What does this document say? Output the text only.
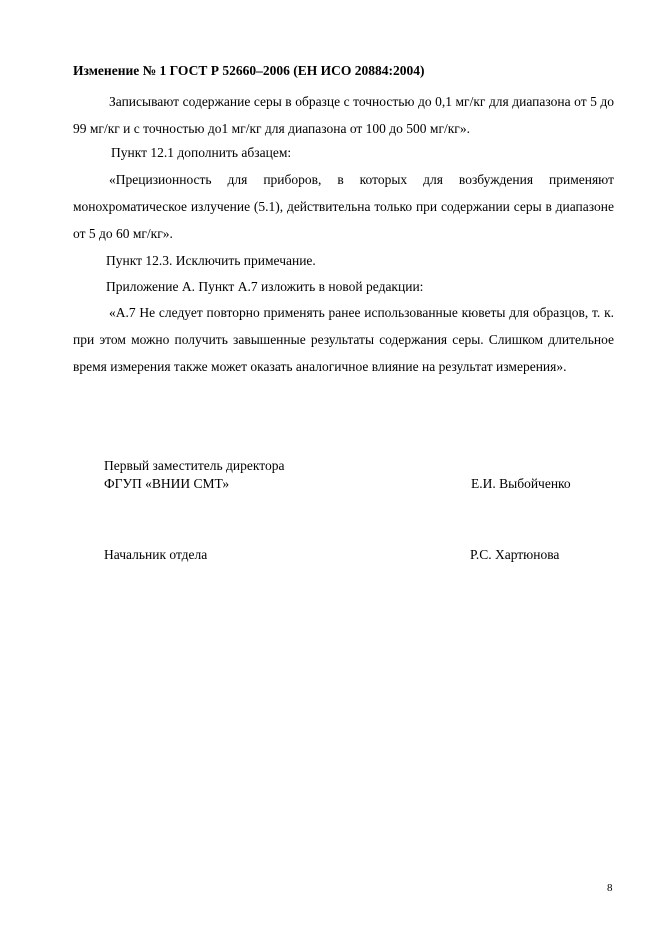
Изменение № 1 ГОСТ Р 52660–2006 (ЕН ИСО 20884:2004)

Записывают содержание серы в образце с точностью до 0,1 мг/кг для диапазона от 5 до 99 мг/кг и с точностью до1 мг/кг для диапазона от 100 до 500 мг/кг».

Пункт 12.1 дополнить абзацем:

«Прецизионность для приборов, в которых для возбуждения применяют монохроматическое излучение (5.1), действительна только при содержании серы в диапазоне от 5 до 60 мг/кг».

Пункт 12.3. Исключить примечание.
Приложение А. Пункт А.7 изложить в новой редакции:

«А.7 Не следует повторно применять ранее использованные кюветы для образцов, т. к. при этом можно получить завышенные результаты содержания серы. Слишком длительное время измерения также может оказать аналогичное влияние на результат измерения».

Первый заместитель директора
ФГУП «ВНИИ СМТ»	Е.И. Выбойченко
Начальник отдела	Р.С. Хартюнова
8
